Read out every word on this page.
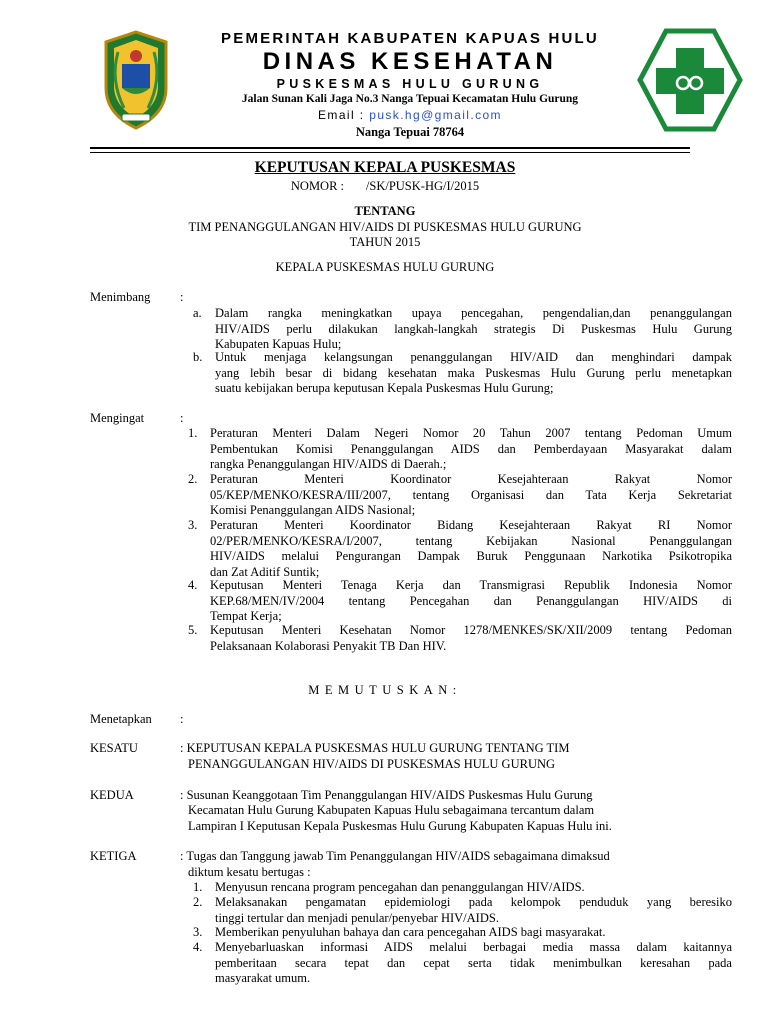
PEMERINTAH KABUPATEN KAPUAS HULU
DINAS KESEHATAN
PUSKESMAS HULU GURUNG
Jalan Sunan Kali Jaga No.3 Nanga Tepuai Kecamatan Hulu Gurung
Email : pusk.hg@gmail.com
Nanga Tepuai 78764
KEPUTUSAN KEPALA PUSKESMAS
NOMOR :       /SK/PUSK-HG/I/2015
TENTANG
TIM PENANGGULANGAN HIV/AIDS DI PUSKESMAS HULU GURUNG
TAHUN 2015
KEPALA PUSKESMAS HULU GURUNG
Menimbang :
a. Dalam rangka meningkatkan upaya pencegahan, pengendalian,dan penanggulangan
HIV/AIDS perlu dilakukan langkah-langkah strategis Di Puskesmas Hulu Gurung
Kabupaten Kapuas Hulu;
b. Untuk menjaga kelangsungan penanggulangan HIV/AID dan menghindari dampak
yang lebih besar di bidang kesehatan maka Puskesmas Hulu Gurung perlu menetapkan
suatu kebijakan berupa keputusan Kepala Puskesmas Hulu Gurung;
Mengingat	:
1. Peraturan Menteri Dalam Negeri Nomor 20 Tahun 2007 tentang Pedoman Umum
Pembentukan Komisi Penanggulangan AIDS dan Pemberdayaan Masyarakat dalam
rangka Penanggulangan HIV/AIDS di Daerah.;
2. Peraturan Menteri Koordinator Kesejahteraan Rakyat Nomor
05/KEP/MENKO/KESRA/III/2007, tentang Organisasi dan Tata Kerja Sekretariat
Komisi Penanggulangan AIDS Nasional;
3. Peraturan Menteri Koordinator Bidang Kesejahteraan Rakyat RI Nomor
02/PER/MENKO/KESRA/I/2007, tentang Kebijakan Nasional Penanggulangan
HIV/AIDS melalui Pengurangan Dampak Buruk Penggunaan Narkotika Psikotropika
dan Zat Aditif Suntik;
4. Keputusan Menteri Tenaga Kerja dan Transmigrasi Republik Indonesia Nomor
KEP.68/MEN/IV/2004 tentang Pencegahan dan Penanggulangan HIV/AIDS di
Tempat Kerja;
5. Keputusan Menteri Kesehatan Nomor 1278/MENKES/SK/XII/2009 tentang Pedoman
Pelaksanaan Kolaborasi Penyakit TB Dan HIV.
MEMUTUSKAN:
Menetapkan :
KESATU	: KEPUTUSAN KEPALA PUSKESMAS HULU GURUNG TENTANG TIM
PENANGGULANGAN HIV/AIDS DI PUSKESMAS HULU GURUNG
KEDUA	: Susunan Keanggotaan Tim Penanggulangan HIV/AIDS Puskesmas Hulu Gurung
Kecamatan Hulu Gurung Kabupaten Kapuas Hulu sebagaimana tercantum dalam
Lampiran I Keputusan Kepala Puskesmas Hulu Gurung Kabupaten Kapuas Hulu ini.
KETIGA	: Tugas dan Tanggung jawab Tim Penanggulangan HIV/AIDS sebagaimana dimaksud
diktum kesatu bertugas :
1. Menyusun rencana program pencegahan dan penanggulangan HIV/AIDS.
2. Melaksanakan pengamatan epidemiologi pada kelompok penduduk yang beresiko
tinggi tertular dan menjadi penular/penyebar HIV/AIDS.
3. Memberikan penyuluhan bahaya dan cara pencegahan AIDS bagi masyarakat.
4. Menyebarluaskan informasi AIDS melalui berbagai media massa dalam kaitannya
pemberitaan secara tepat dan cepat serta tidak menimbulkan keresahan pada
masyarakat umum.
